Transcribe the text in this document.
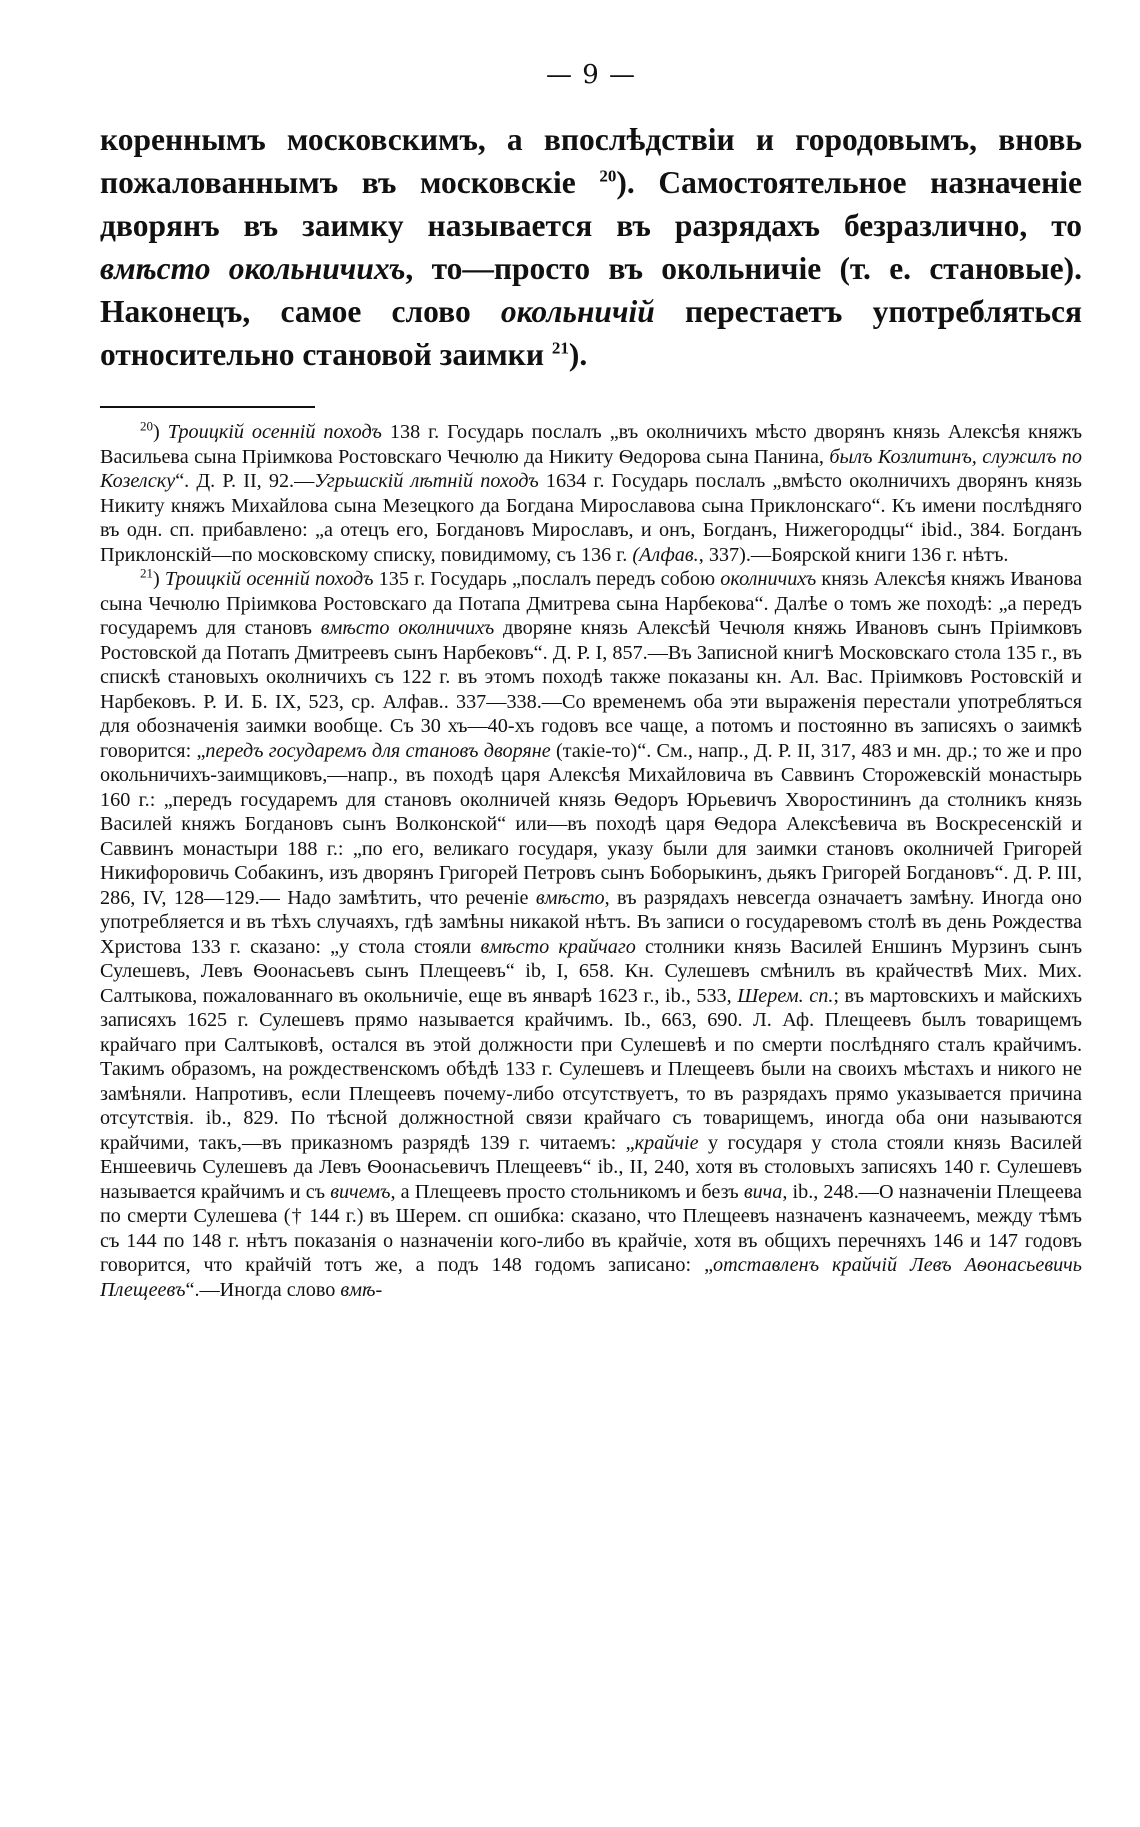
— 9 —

кореннымъ московскимъ, а впослѣдствіи и городовымъ, вновь пожалованнымъ въ московскіе $^{20}$). Самостоятельное назначеніе дворянъ въ заимку называется въ разрядахъ безразлично, то вмѣсто окольничихъ, то—просто въ окольничіе (т. е. становые). Наконецъ, самое слово окольничій перестаетъ употребляться относительно становой заимки $^{21}$).

$^{20}$) Троицкій осенній походъ 138 г. Государь послалъ „въ околничихъ мѣсто дворянъ князь Алексѣя княжъ Васильева сына Пріимкова Ростовскаго Чечюлю да Никиту Ѳедорова сына Панина, былъ Козлитинъ, служилъ по Козелску“. Д. Р. II, 92.—Угрьшскій лѣтній походъ 1634 г. Государь послалъ „вмѣсто околничихъ дворянъ князь Никиту княжъ Михайлова сына Мезецкого да Богдана Мирославова сына Приклонскаго“. Къ имени послѣдняго въ одн. сп. прибавлено: „а отецъ его, Богдановъ Мирославъ, и онъ, Богданъ, Нижегородцы“ ibid., 384. Богданъ Приклонскій—по московскому списку, повидимому, съ 136 г. (Алфав., 337).—Боярской книги 136 г. нѣтъ.

$^{21}$) Троицкій осенній походъ 135 г. Государь „послалъ передъ собою околничихъ князь Алексѣя княжъ Иванова сына Чечюлю Пріимкова Ростовскаго да Потапа Дмитрева сына Нарбекова“. Далѣе о томъ же походѣ: „а передъ государемъ для становъ вмѣсто околничихъ дворяне князь Алексѣй Чечюля княжь Ивановъ сынъ Пріимковъ Ростовской да Потапъ Дмитреевъ сынъ Нарбековъ“. Д. Р. I, 857.—Въ Записной книгѣ Московскаго стола 135 г., въ спискѣ становыхъ околничихъ съ 122 г. въ этомъ походѣ также показаны кн. Ал. Вас. Пріимковъ Ростовскій и Нарбековъ. Р. И. Б. IX, 523, ср. Алфав.. 337—338.—Со временемъ оба эти выраженія перестали употребляться для обозначенія заимки вообще. Съ 30 хъ—40-хъ годовъ все чаще, а потомъ и постоянно въ записяхъ о заимкѣ говорится: „передъ государемъ для становъ дворяне (такіе-то)“. См., напр., Д. Р. II, 317, 483 и мн. др.; то же и про окольничихъ-заимщиковъ,—напр., въ походѣ царя Алексѣя Михайловича въ Саввинъ Сторожевскій монастырь 160 г.: „передъ государемъ для становъ околничей князь Ѳедоръ Юрьевичъ Хворостининъ да столникъ князь Василей княжъ Богдановъ сынъ Волконской“ или—въ походѣ царя Ѳедора Алексѣевича въ Воскресенскій и Саввинъ монастыри 188 г.: „по его, великаго государя, указу были для заимки становъ околничей Григорей Никифоровичь Собакинъ, изъ дворянъ Григорей Петровъ сынъ Боборыкинъ, дьякъ Григорей Богдановъ“. Д. Р. III, 286, IV, 128—129.— Надо замѣтить, что реченіе вмѣсто, въ разрядахъ невсегда означаетъ замѣну. Иногда оно употребляется и въ тѣхъ случаяхъ, гдѣ замѣны никакой нѣтъ. Въ записи о государевомъ столѣ въ день Рождества Христова 133 г. сказано: „у стола стояли вмѣсто крайчаго столники князь Василей Еншинъ Мурзинъ сынъ Сулешевъ, Левъ Ѳоонасьевъ сынъ Плещеевъ“ ib, I, 658. Кн. Сулешевъ смѣнилъ въ крайчествѣ Мих. Мих. Салтыкова, пожалованнаго въ окольничіе, еще въ январѣ 1623 г., ib., 533, Шерем. сп.; въ мартовскихъ и майскихъ записяхъ 1625 г. Сулешевъ прямо называется крайчимъ. Ib., 663, 690. Л. Аф. Плещеевъ былъ товарищемъ крайчаго при Салтыковѣ, остался въ этой должности при Сулешевѣ и по смерти послѣдняго сталъ крайчимъ. Такимъ образомъ, на рождественскомъ обѣдѣ 133 г. Сулешевъ и Плещеевъ были на своихъ мѣстахъ и никого не замѣняли. Напротивъ, если Плещеевъ почему-либо отсутствуетъ, то въ разрядахъ прямо указывается причина отсутствія. ib., 829. По тѣсной должностной связи крайчаго съ товарищемъ, иногда оба они называются крайчими, такъ,—въ приказномъ разрядѣ 139 г. читаемъ: „крайчіе у государя у стола стояли князь Василей Еншеевичь Сулешевъ да Левъ Ѳоонасьевичъ Плещеевъ“ ib., II, 240, хотя въ столовыхъ записяхъ 140 г. Сулешевъ называется крайчимъ и съ вичемъ, а Плещеевъ просто стольникомъ и безъ вича, ib., 248.—О назначеніи Плещеева по смерти Сулешева († 144 г.) въ Шерем. сп ошибка: сказано, что Плещеевъ назначенъ казначеемъ, между тѣмъ съ 144 по 148 г. нѣтъ показанія о назначеніи кого-либо въ крайчіе, хотя въ общихъ перечняхъ 146 и 147 годовъ говорится, что крайчій тотъ же, а подъ 148 годомъ записано: „отставленъ крайчій Левъ Аѳонасьевичь Плещеевъ“.—Иногда слово вмѣ-
